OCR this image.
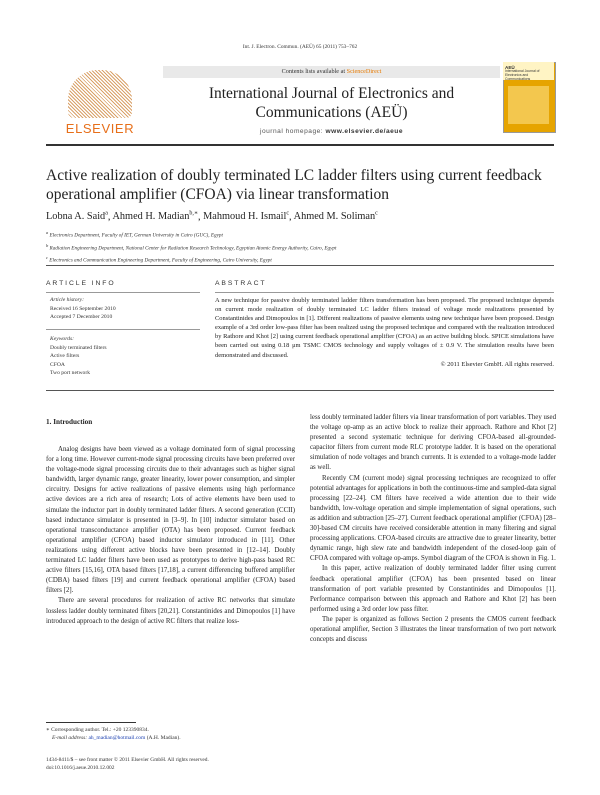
Int. J. Electron. Commun. (AEÜ) 65 (2011) 753–762
Contents lists available at ScienceDirect
ELSEVIER
International Journal of Electronics and Communications (AEÜ)
journal homepage: www.elsevier.de/aeue
AEÜ
International Journal of Electronics and Communications
Active realization of doubly terminated LC ladder filters using current feedback operational amplifier (CFOA) via linear transformation
Lobna A. Said$^a$, Ahmed H. Madian$^{b,∗}$, Mahmoud H. Ismail$^c$, Ahmed M. Soliman$^c$
$^a$ Electronics Department, Faculty of IET, German University in Cairo (GUC), Egypt
$^b$ Radiation Engineering Department, National Center for Radiation Research Technology, Egyptian Atomic Energy Authority, Cairo, Egypt
$^c$ Electronics and Communication Engineering Department, Faculty of Engineering, Cairo University, Egypt
ARTICLE INFO
Article history:
Received 16 September 2010
Accepted 7 December 2010
Keywords:
Doubly terminated filters
Active filters
CFOA
Two port network
ABSTRACT
A new technique for passive doubly terminated ladder filters transformation has been proposed. The proposed technique depends on current mode realization of doubly terminated LC ladder filters instead of voltage mode realizations presented by Constantinides and Dimopoulos in [1]. Different realizations of passive elements using new technique have been proposed. Design example of a 3rd order low-pass filter has been realized using the proposed technique and compared with the realization introduced by Rathore and Khot [2] using current feedback operational amplifier (CFOA) as an active building block. SPICE simulations have been carried out using 0.18 μm TSMC CMOS technology and supply voltages of ± 0.9 V. The simulation results have been demonstrated and discussed.
© 2011 Elsevier GmbH. All rights reserved.
1. Introduction

Analog designs have been viewed as a voltage dominated form of signal processing for a long time. However current-mode signal processing circuits have been preferred over the voltage-mode signal processing circuits due to their advantages such as higher signal bandwidth, larger dynamic range, greater linearity, lower power consumption, and simpler circuitry. Designs for active realizations of passive elements using high performance active devices are a rich area of research; Lots of active elements have been used to simulate the inductor part in doubly terminated ladder filters. A second generation (CCII) based inductance simulator is presented in [3–9]. In [10] inductor simulator based on operational transconductance amplifier (OTA) has been proposed. Current feedback operational amplifier (CFOA) based inductor simulator introduced in [11]. Other realizations using different active blocks have been presented in [12–14]. Doubly terminated LC ladder filters have been used as prototypes to derive high-pass based RC active filters [15,16], OTA based filters [17,18], a current differencing buffered amplifier (CDBA) based filters [19] and current feedback operational amplifier (CFOA) based filters [2].

There are several procedures for realization of active RC networks that simulate lossless ladder doubly terminated filters [20,21]. Constantinides and Dimopoulos [1] have introduced approach to the design of active RC filters that realize loss-

less doubly terminated ladder filters via linear transformation of port variables. They used the voltage op-amp as an active block to realize their approach. Rathore and Khot [2] presented a second systematic technique for deriving CFOA-based all-grounded-capacitor filters from current mode RLC prototype ladder. It is based on the operational simulation of node voltages and branch currents. It is extended to a voltage-mode ladder as well.

Recently CM (current mode) signal processing techniques are recognized to offer potential advantages for applications in both the continuous-time and sampled-data signal processing [22–24]. CM filters have received a wide attention due to their wide bandwidth, low-voltage operation and simple implementation of signal operations, such as addition and subtraction [25–27]. Current feedback operational amplifier (CFOA) [28–30]-based CM circuits have received considerable attention in many filtering and signal processing applications. CFOA-based circuits are attractive due to greater linearity, better dynamic range, high slew rate and bandwidth independent of the closed-loop gain of CFOA compared with voltage op-amps. Symbol diagram of the CFOA is shown in Fig. 1.

In this paper, active realization of doubly terminated ladder filter using current feedback operational amplifier (CFOA) has been presented based on linear transformation of port variable presented by Constantinides and Dimopoulos [1]. Performance comparison between this approach and Rathore and Khot [2] has been performed using a 3rd order low pass filter.

The paper is organized as follows Section 2 presents the CMOS current feedback operational amplifier, Section 3 illustrates the linear transformation of two port network concepts and discuss

∗ Corresponding author. Tel.: +20 123390834.

E-mail address: ah_madian@hotmail.com (A.H. Madian).

1434-8411/$ – see front matter © 2011 Elsevier GmbH. All rights reserved.

doi:10.1016/j.aeue.2010.12.002
